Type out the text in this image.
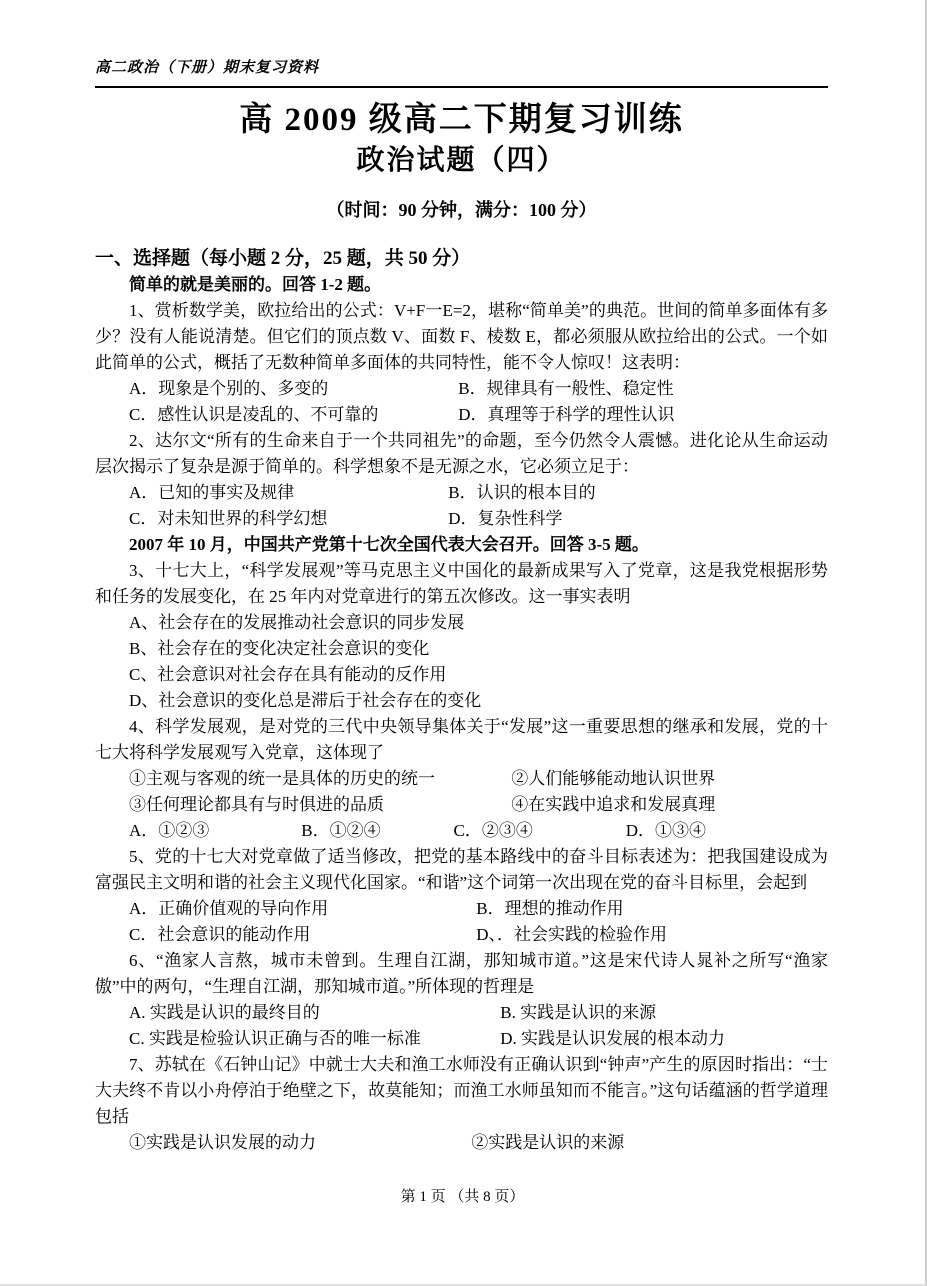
高二政治（下册）期末复习资料
高 2009 级高二下期复习训练
政治试题（四）
（时间：90 分钟，满分：100 分）
一、选择题（每小题 2 分，25 题，共 50 分）
简单的就是美丽的。回答 1-2 题。

1、赏析数学美，欧拉给出的公式：V+F一E=2，堪称“简单美”的典范。世间的简单多面体有多少？没有人能说清楚。但它们的顶点数 V、面数 F、棱数 E，都必须服从欧拉给出的公式。一个如此简单的公式，概括了无数种简单多面体的共同特性，能不令人惊叹！这表明：

A．现象是个别的、多变的	B．规律具有一般性、稳定性
C．感性认识是凌乱的、不可靠的	D．真理等于科学的理性认识

2、达尔文“所有的生命来自于一个共同祖先”的命题，至今仍然令人震憾。进化论从生命运动层次揭示了复杂是源于简单的。科学想象不是无源之水，它必须立足于：

A．已知的事实及规律	B．认识的根本目的
C．对未知世界的科学幻想	D．复杂性科学
2007 年 10 月，中国共产党第十七次全国代表大会召开。回答 3-5 题。

3、十七大上，“科学发展观”等马克思主义中国化的最新成果写入了党章，这是我党根据形势和任务的发展变化，在 25 年内对党章进行的第五次修改。这一事实表明

A、社会存在的发展推动社会意识的同步发展
B、社会存在的变化决定社会意识的变化
C、社会意识对社会存在具有能动的反作用
D、社会意识的变化总是滞后于社会存在的变化

4、科学发展观，是对党的三代中央领导集体关于“发展”这一重要思想的继承和发展，党的十七大将科学发展观写入党章，这体现了

①主观与客观的统一是具体的历史的统一	②人们能够能动地认识世界
③任何理论都具有与时俱进的品质	④在实践中追求和发展真理
A．①②③	B．①②④	C．②③④	D．①③④

5、党的十七大对党章做了适当修改，把党的基本路线中的奋斗目标表述为：把我国建设成为富强民主文明和谐的社会主义现代化国家。“和谐”这个词第一次出现在党的奋斗目标里，会起到

A．正确价值观的导向作用	B．理想的推动作用
C．社会意识的能动作用	D、．社会实践的检验作用

6、“渔家人言熬，城市未曾到。生理自江湖，那知城市道。”这是宋代诗人晁补之所写“渔家傲”中的两句，“生理自江湖，那知城市道。”所体现的哲理是

A. 实践是认识的最终目的	B. 实践是认识的来源
C. 实践是检验认识正确与否的唯一标准	D. 实践是认识发展的根本动力

7、苏轼在《石钟山记》中就士大夫和渔工水师没有正确认识到“钟声”产生的原因时指出：“士大夫终不肯以小舟停泊于绝壁之下，故莫能知；而渔工水师虽知而不能言。”这句话蕴涵的哲学道理包括

①实践是认识发展的动力	②实践是认识的来源
第 1 页 （共 8 页）
